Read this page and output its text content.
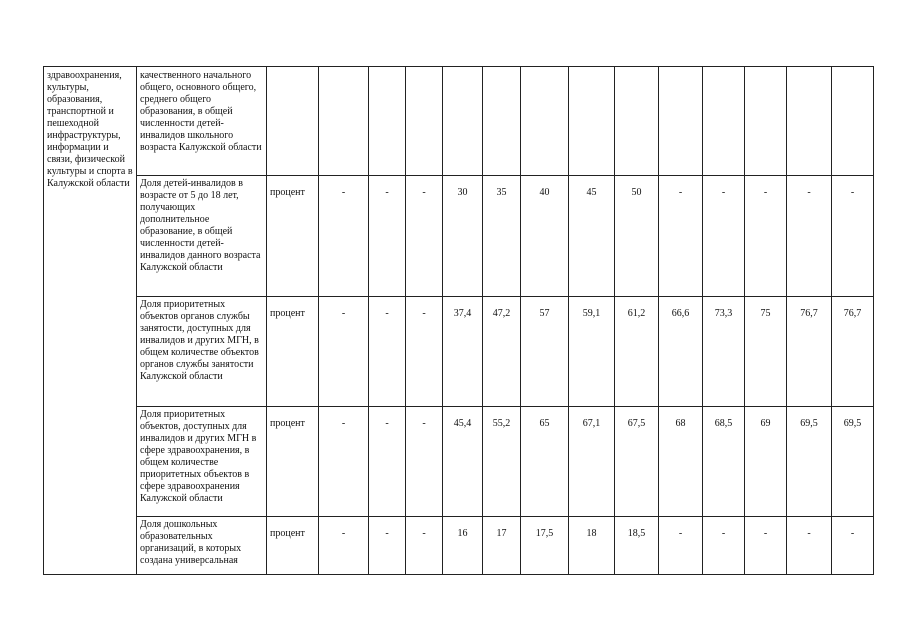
здравоохранения, культуры, образования, транспортной и пешеходной инфраструктуры, информации и связи, физической культуры и спорта в Калужской области	качественного начального общего, основного общего, среднего общего образования, в общей численности детей-инвалидов школьного возраста Калужской области														
	Доля детей-инвалидов в возрасте от 5 до 18 лет, получающих дополнительное образование, в общей численности детей-инвалидов данного возраста Калужской области	процент	-	-	-	30	35	40	45	50	-	-	-	-	-
	Доля приоритетных объектов органов службы занятости, доступных для инвалидов и других МГН, в общем количестве объектов органов службы занятости Калужской области	процент	-	-	-	37,4	47,2	57	59,1	61,2	66,6	73,3	75	76,7	76,7
	Доля приоритетных объектов, доступных для инвалидов и других МГН в сфере здравоохранения, в общем количестве приоритетных объектов в сфере здравоохранения Калужской области	процент	-	-	-	45,4	55,2	65	67,1	67,5	68	68,5	69	69,5	69,5
	Доля дошкольных образовательных организаций, в которых создана универсальная	процент	-	-	-	16	17	17,5	18	18,5	-	-	-	-	-
